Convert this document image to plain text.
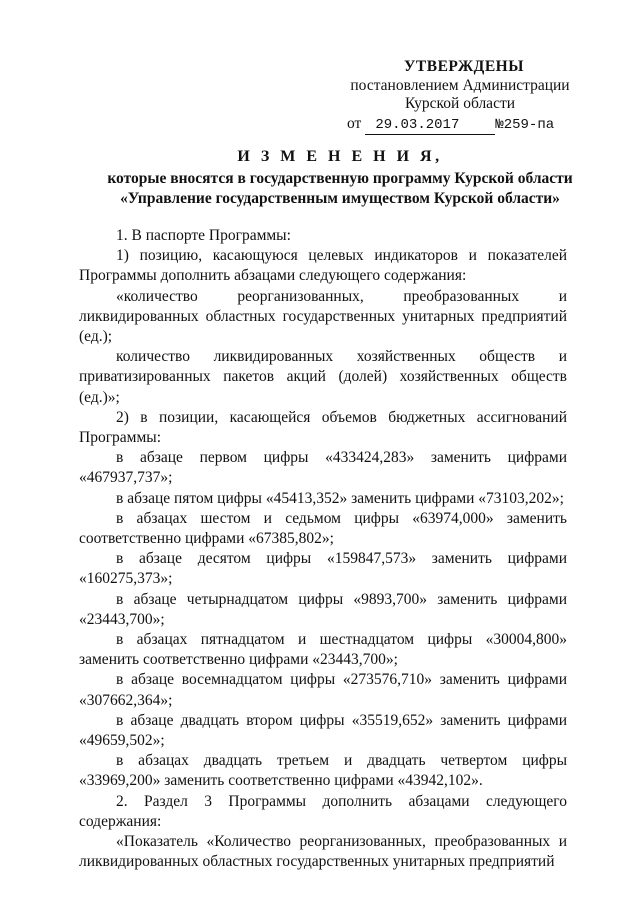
УТВЕРЖДЕНЫ
постановлением Администрации
Курской области
от 29.03.2017	№259-па
И З М Е Н Е Н И Я,
которые вносятся в государственную программу Курской области
«Управление государственным имуществом Курской области»

1. В паспорте Программы:

1) позицию, касающуюся целевых индикаторов и показателей Программы дополнить абзацами следующего содержания:

«количество реорганизованных, преобразованных и ликвидированных областных государственных унитарных предприятий (ед.);

количество ликвидированных хозяйственных обществ и приватизированных пакетов акций (долей) хозяйственных обществ (ед.)»;

2) в позиции, касающейся объемов бюджетных ассигнований Программы:

в абзаце первом цифры «433424,283» заменить цифрами «467937,737»;

в абзаце пятом цифры «45413,352» заменить цифрами «73103,202»;

в абзацах шестом и седьмом цифры «63974,000» заменить соответственно цифрами «67385,802»;

в абзаце десятом цифры «159847,573» заменить цифрами «160275,373»;

в абзаце четырнадцатом цифры «9893,700» заменить цифрами «23443,700»;

в абзацах пятнадцатом и шестнадцатом цифры «30004,800» заменить соответственно цифрами «23443,700»;

в абзаце восемнадцатом цифры «273576,710» заменить цифрами «307662,364»;

в абзаце двадцать втором цифры «35519,652» заменить цифрами «49659,502»;

в абзацах двадцать третьем и двадцать четвертом цифры «33969,200» заменить соответственно цифрами «43942,102».

2. Раздел 3 Программы дополнить абзацами следующего содержания:

«Показатель «Количество реорганизованных, преобразованных и ликвидированных областных государственных унитарных предприятий
